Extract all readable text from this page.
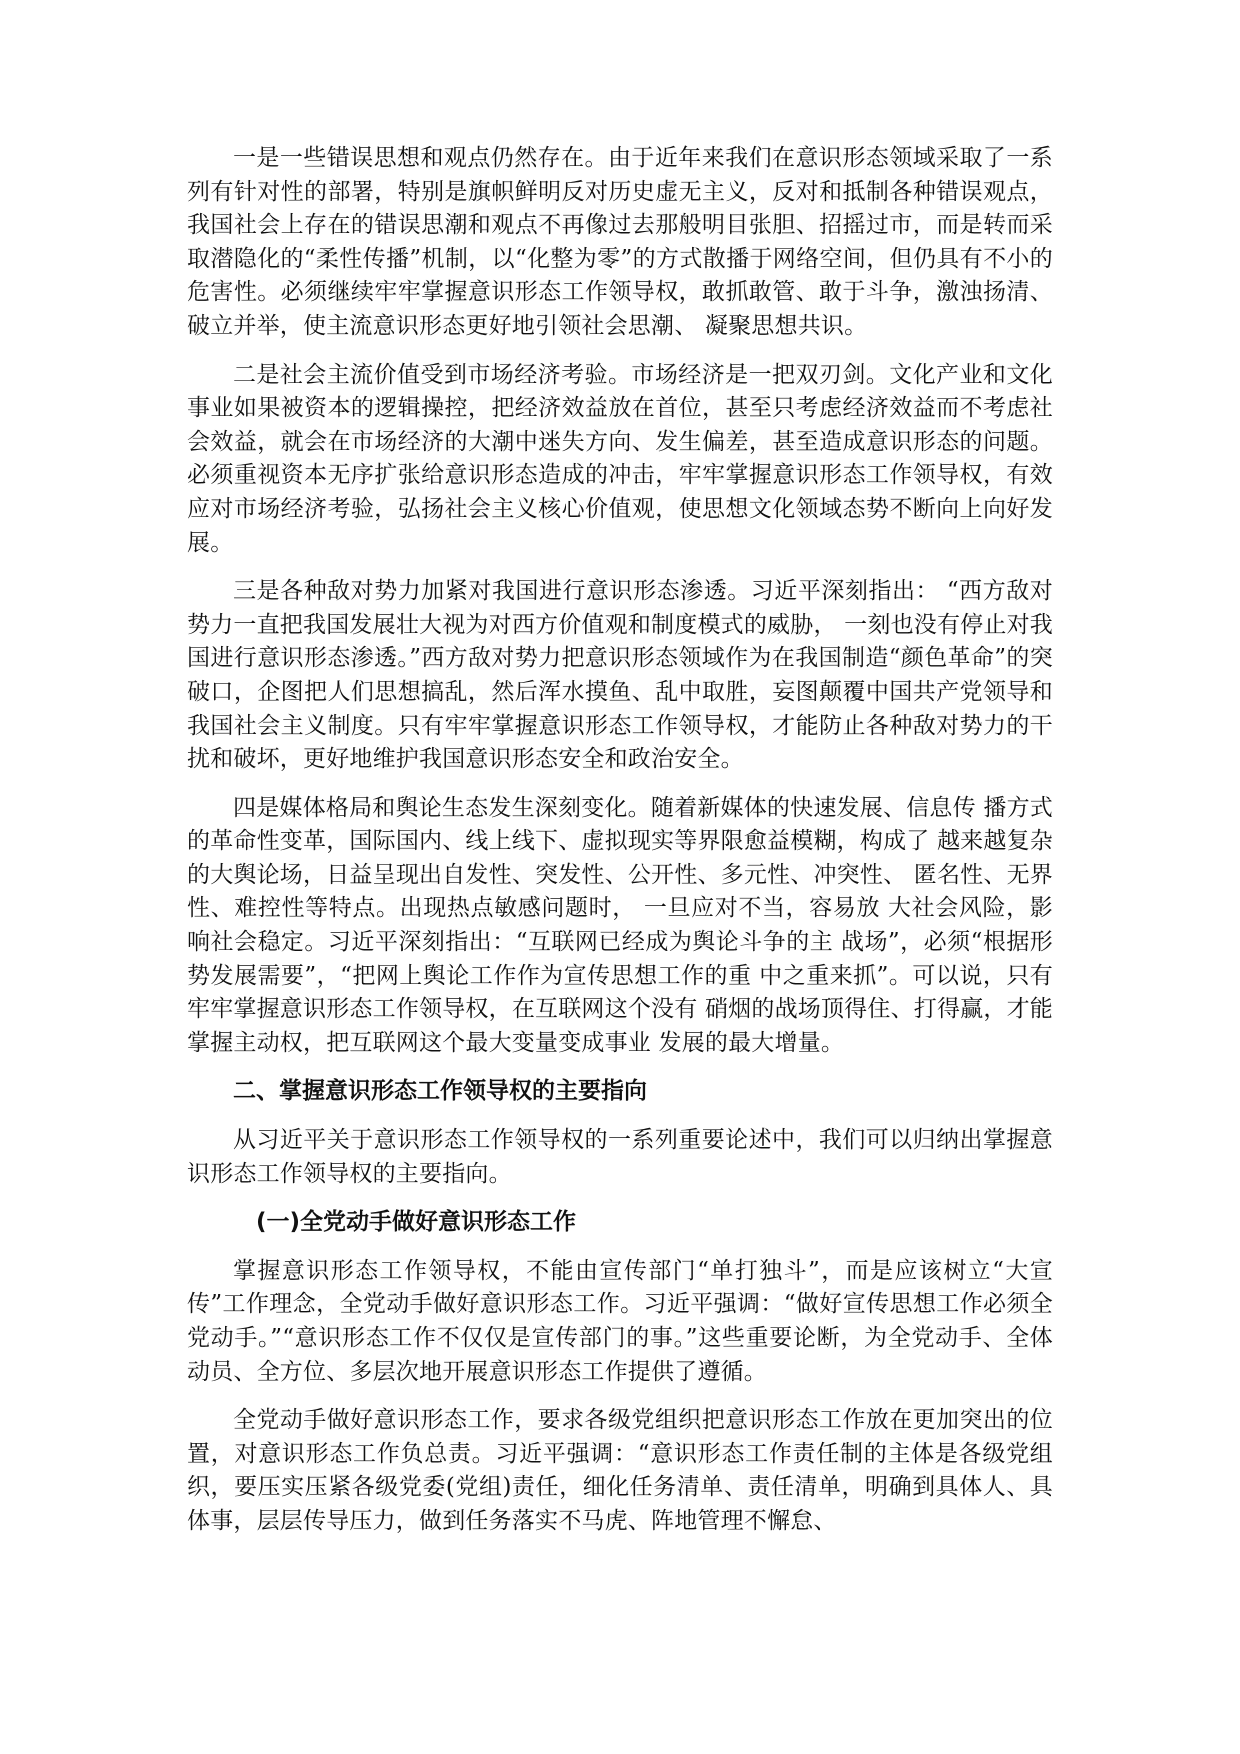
一是一些错误思想和观点仍然存在。由于近年来我们在意识形态领域采取了一系列有针对性的部署，特别是旗帜鲜明反对历史虚无主义，反对和抵制各种错误观点，我国社会上存在的错误思潮和观点不再像过去那般明目张胆、招摇过市，而是转而采取潜隐化的“柔性传播”机制，以“化整为零”的方式散播于网络空间，但仍具有不小的危害性。必须继续牢牢掌握意识形态工作领导权，敢抓敢管、敢于斗争，激浊扬清、破立并举，使主流意识形态更好地引领社会思潮、 凝聚思想共识。

二是社会主流价值受到市场经济考验。市场经济是一把双刃剑。文化产业和文化事业如果被资本的逻辑操控，把经济效益放在首位，甚至只考虑经济效益而不考虑社会效益，就会在市场经济的大潮中迷失方向、发生偏差，甚至造成意识形态的问题。必须重视资本无序扩张给意识形态造成的冲击，牢牢掌握意识形态工作领导权，有效应对市场经济考验，弘扬社会主义核心价值观，使思想文化领域态势不断向上向好发展。

三是各种敌对势力加紧对我国进行意识形态渗透。习近平深刻指出： “西方敌对势力一直把我国发展壮大视为对西方价值观和制度模式的威胁， 一刻也没有停止对我国进行意识形态渗透。”西方敌对势力把意识形态领域作为在我国制造“颜色革命”的突破口，企图把人们思想搞乱，然后浑水摸鱼、乱中取胜，妄图颠覆中国共产党领导和我国社会主义制度。只有牢牢掌握意识形态工作领导权，才能防止各种敌对势力的干扰和破坏，更好地维护我国意识形态安全和政治安全。

四是媒体格局和舆论生态发生深刻变化。随着新媒体的快速发展、信息传 播方式的革命性变革，国际国内、线上线下、虚拟现实等界限愈益模糊，构成了 越来越复杂的大舆论场，日益呈现出自发性、突发性、公开性、多元性、冲突性、 匿名性、无界性、难控性等特点。出现热点敏感问题时， 一旦应对不当，容易放 大社会风险，影响社会稳定。习近平深刻指出：“互联网已经成为舆论斗争的主 战场”，必须“根据形势发展需要”，“把网上舆论工作作为宣传思想工作的重 中之重来抓”。可以说，只有牢牢掌握意识形态工作领导权，在互联网这个没有 硝烟的战场顶得住、打得赢，才能掌握主动权，把互联网这个最大变量变成事业 发展的最大增量。

二、掌握意识形态工作领导权的主要指向

从习近平关于意识形态工作领导权的一系列重要论述中，我们可以归纳出掌握意识形态工作领导权的主要指向。

(一)全党动手做好意识形态工作

掌握意识形态工作领导权，不能由宣传部门“单打独斗”，而是应该树立“大宣传”工作理念，全党动手做好意识形态工作。习近平强调：“做好宣传思想工作必须全党动手。”“意识形态工作不仅仅是宣传部门的事。”这些重要论断，为全党动手、全体动员、全方位、多层次地开展意识形态工作提供了遵循。

全党动手做好意识形态工作，要求各级党组织把意识形态工作放在更加突出的位置，对意识形态工作负总责。习近平强调：“意识形态工作责任制的主体是各级党组织，要压实压紧各级党委(党组)责任，细化任务清单、责任清单，明确到具体人、具体事，层层传导压力，做到任务落实不马虎、阵地管理不懈怠、
